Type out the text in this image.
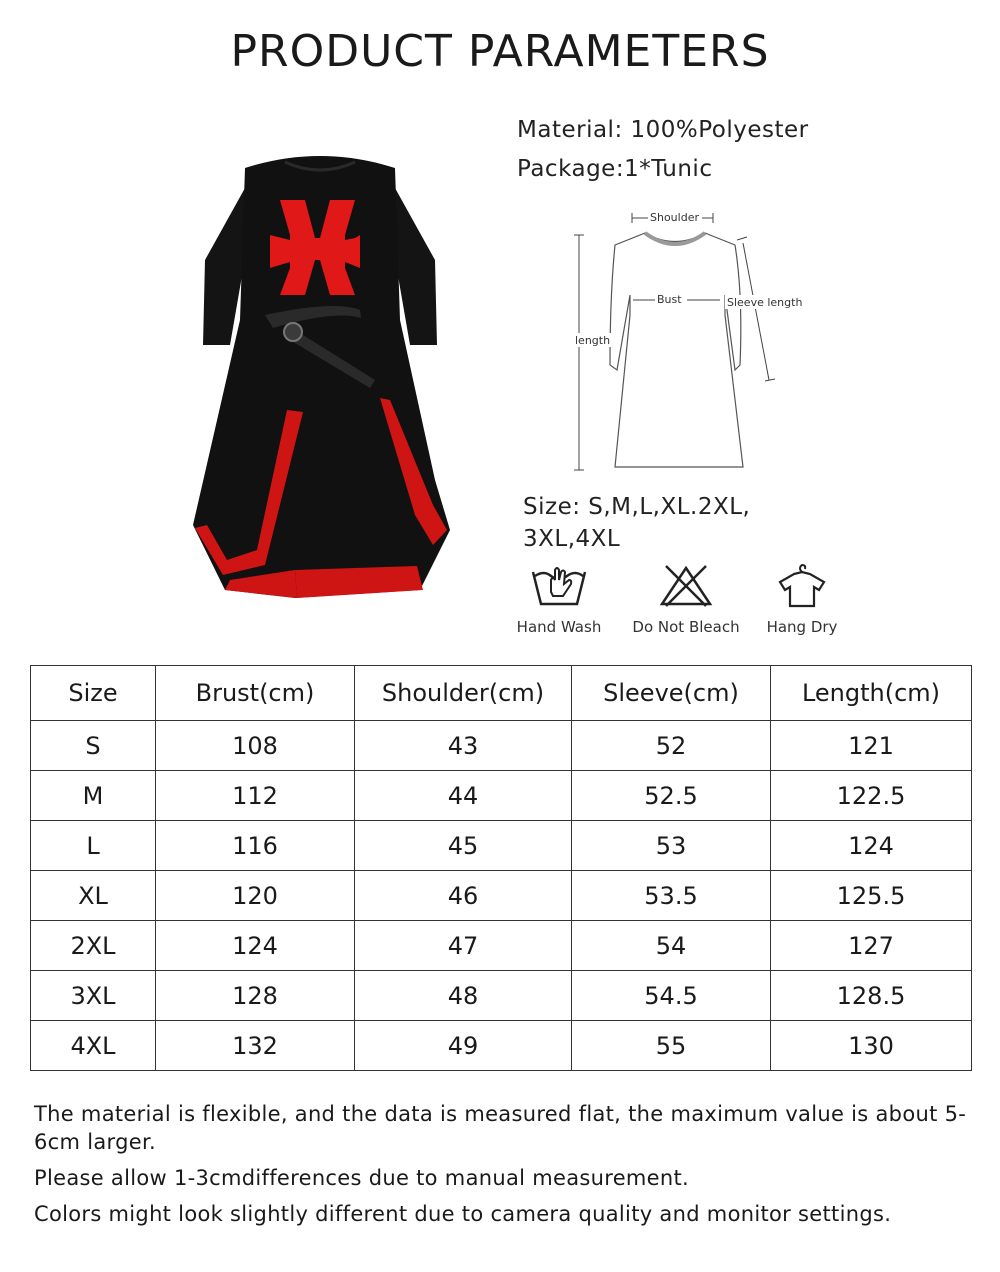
PRODUCT PARAMETERS
Material: 100%Polyester
Package:1*Tunic
Shoulder
Bust	Sleeve length
length
Size: S,M,L,XL.2XL,
3XL,4XL
Hand Wash	Do Not Bleach	Hang Dry
Size	Brust(cm)	Shoulder(cm)	Sleeve(cm)	Length(cm)
S	108	43	52	121
M	112	44	52.5	122.5
L	116	45	53	124
XL	120	46	53.5	125.5
2XL	124	47	54	127
3XL	128	48	54.5	128.5
4XL	132	49	55	130

The material is flexible, and the data is measured flat, the maximum value is about 5-6cm larger.

Please allow 1-3cmdifferences due to manual measurement.

Colors might look slightly different due to camera quality and monitor settings.
